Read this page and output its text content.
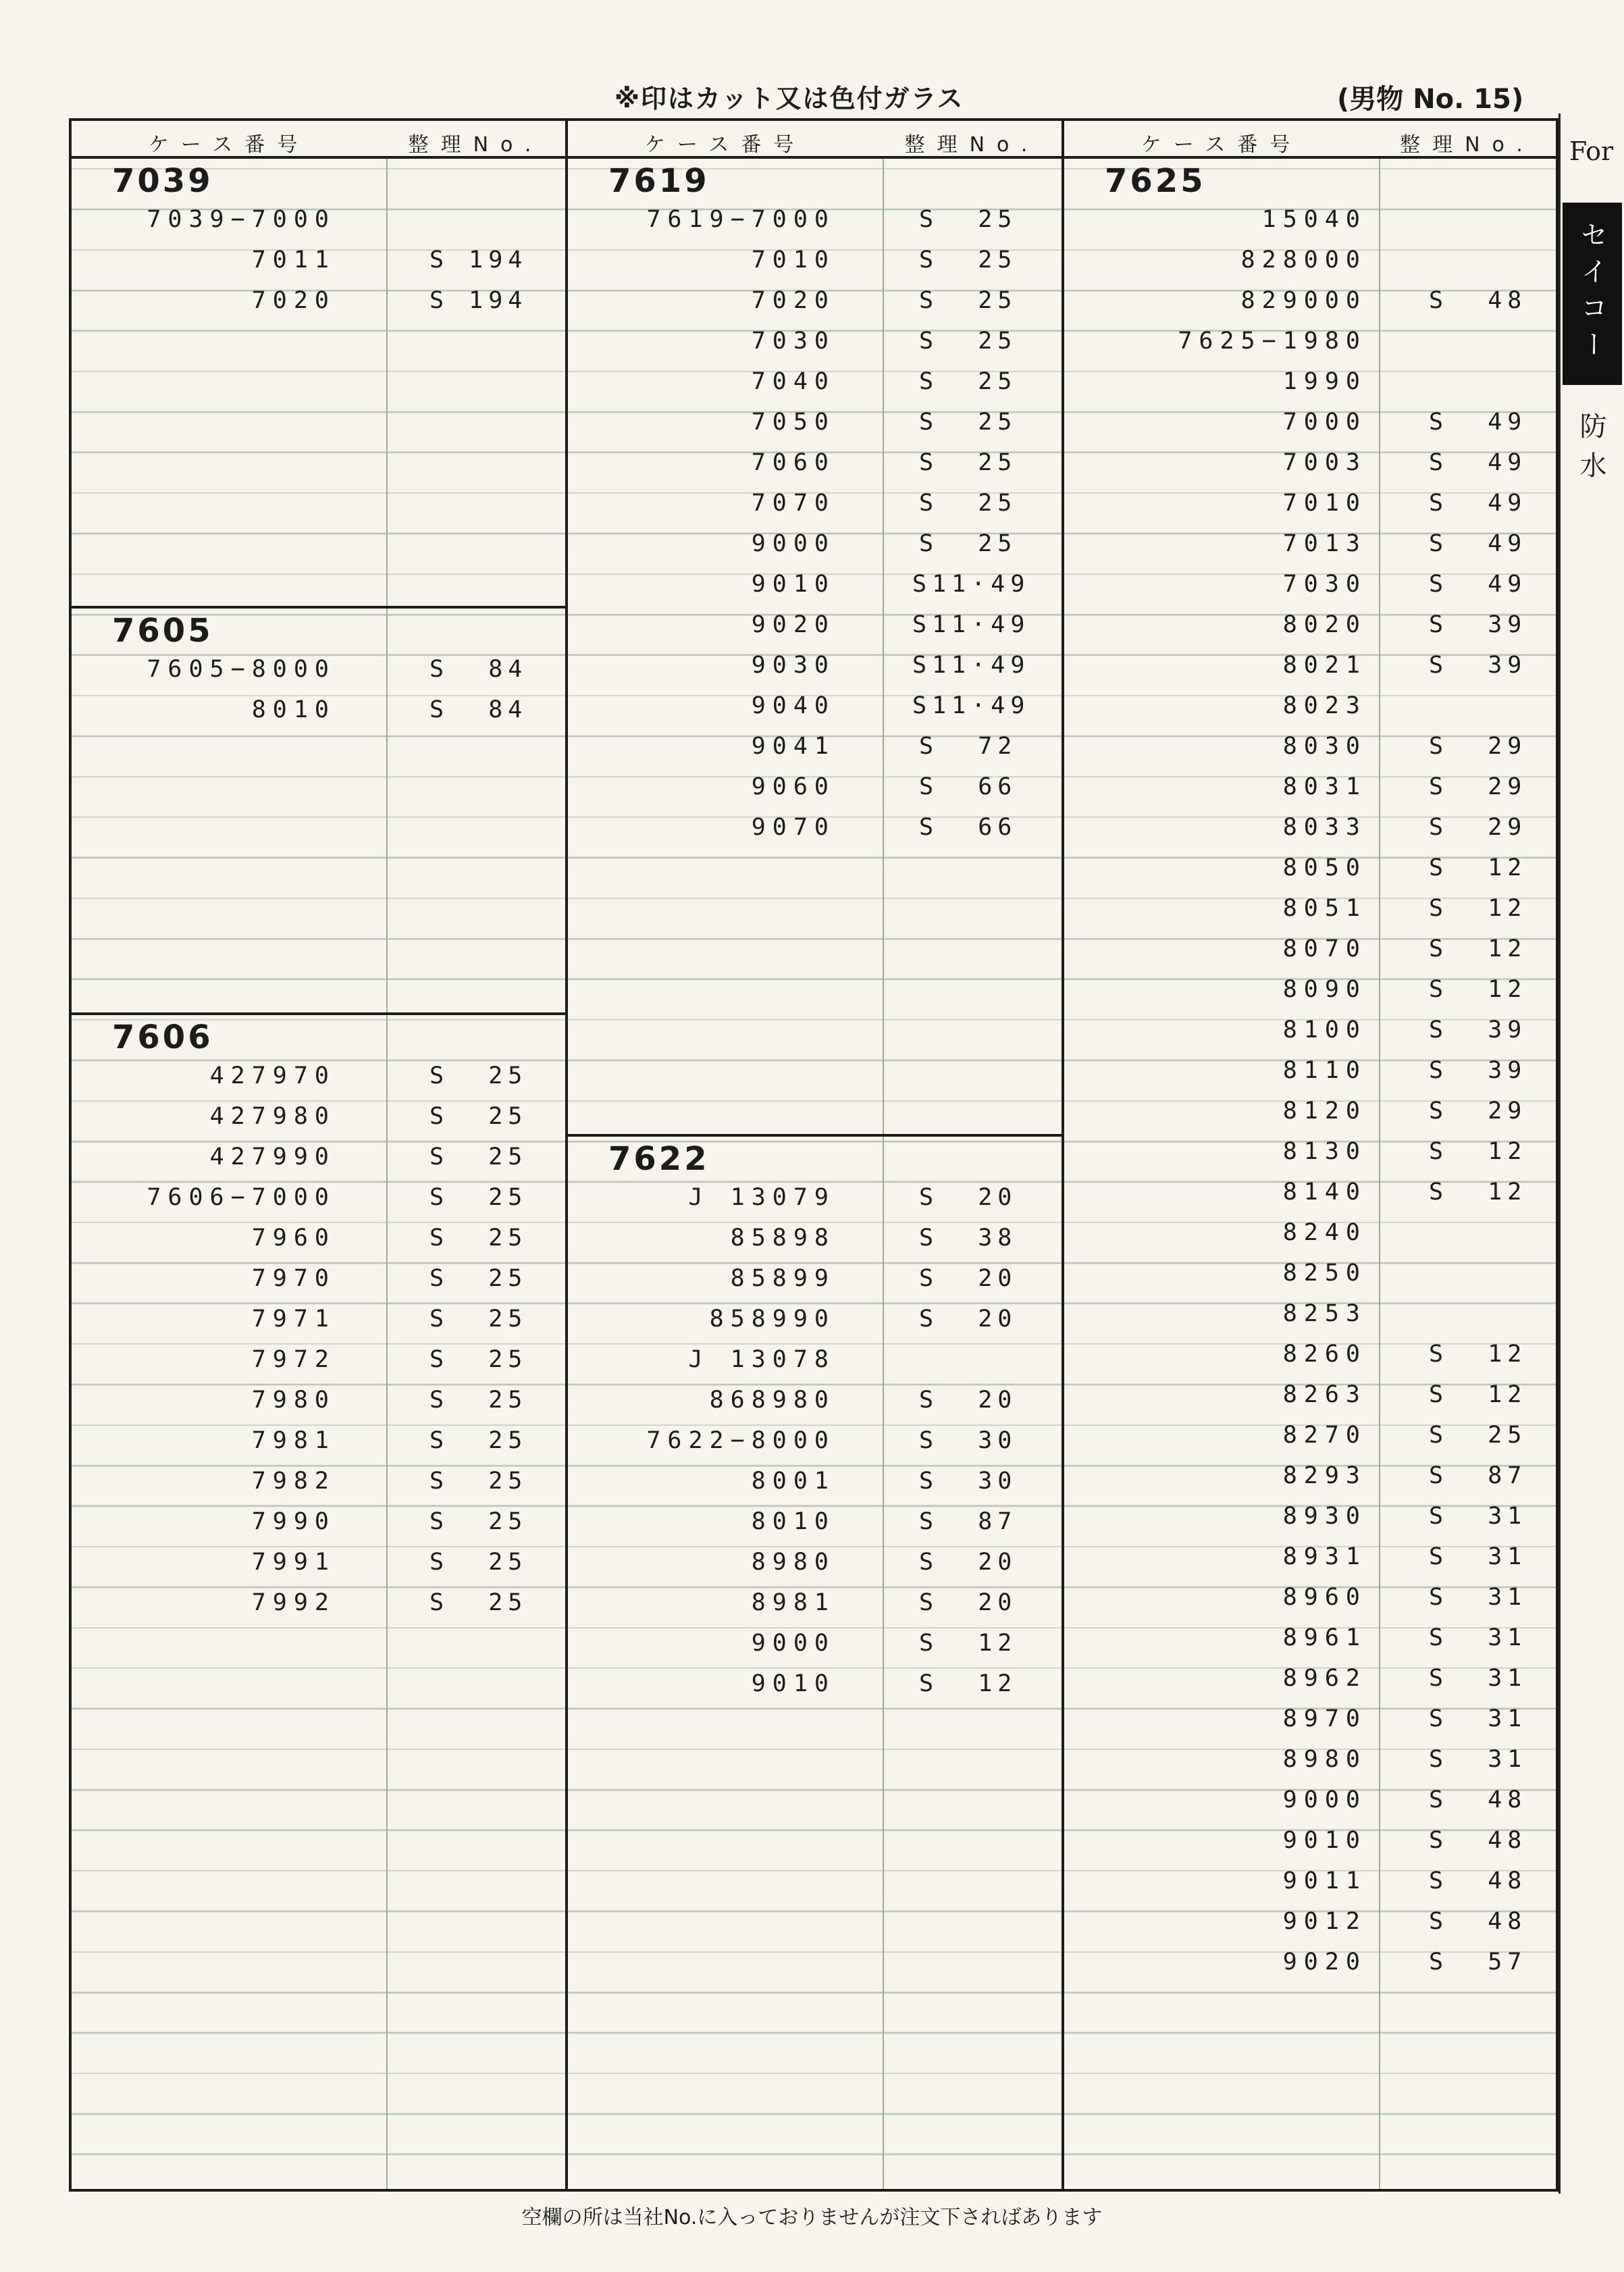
※印はカット又は色付ガラス	(男物 No. 15)
For
セイコー
防水
ケース番号	整理No.
7039
7039−7000
7011	S 194
7020	S 194
7605
7605−8000	S  84
8010	S  84
7606
427970	S  25
427980	S  25
427990	S  25
7606−7000	S  25
7960	S  25
7970	S  25
7971	S  25
7972	S  25
7980	S  25
7981	S  25
7982	S  25
7990	S  25
7991	S  25
7992	S  25
ケース番号	整理No.
7619
7619−7000	S  25
7010	S  25
7020	S  25
7030	S  25
7040	S  25
7050	S  25
7060	S  25
7070	S  25
9000	S  25
9010	S11·49
9020	S11·49
9030	S11·49
9040	S11·49
9041	S  72
9060	S  66
9070	S  66
7622
J 13079	S  20
85898	S  38
85899	S  20
858990	S  20
J 13078
868980	S  20
7622−8000	S  30
8001	S  30
8010	S  87
8980	S  20
8981	S  20
9000	S  12
9010	S  12
ケース番号	整理No.
7625
15040
828000
829000	S  48
7625−1980
1990
7000	S  49
7003	S  49
7010	S  49
7013	S  49
7030	S  49
8020	S  39
8021	S  39
8023
8030	S  29
8031	S  29
8033	S  29
8050	S  12
8051	S  12
8070	S  12
8090	S  12
8100	S  39
8110	S  39
8120	S  29
8130	S  12
8140	S  12
8240
8250
8253
8260	S  12
8263	S  12
8270	S  25
8293	S  87
8930	S  31
8931	S  31
8960	S  31
8961	S  31
8962	S  31
8970	S  31
8980	S  31
9000	S  48
9010	S  48
9011	S  48
9012	S  48
9020	S  57
空欄の所は当社No.に入っておりませんが注文下さればあります
